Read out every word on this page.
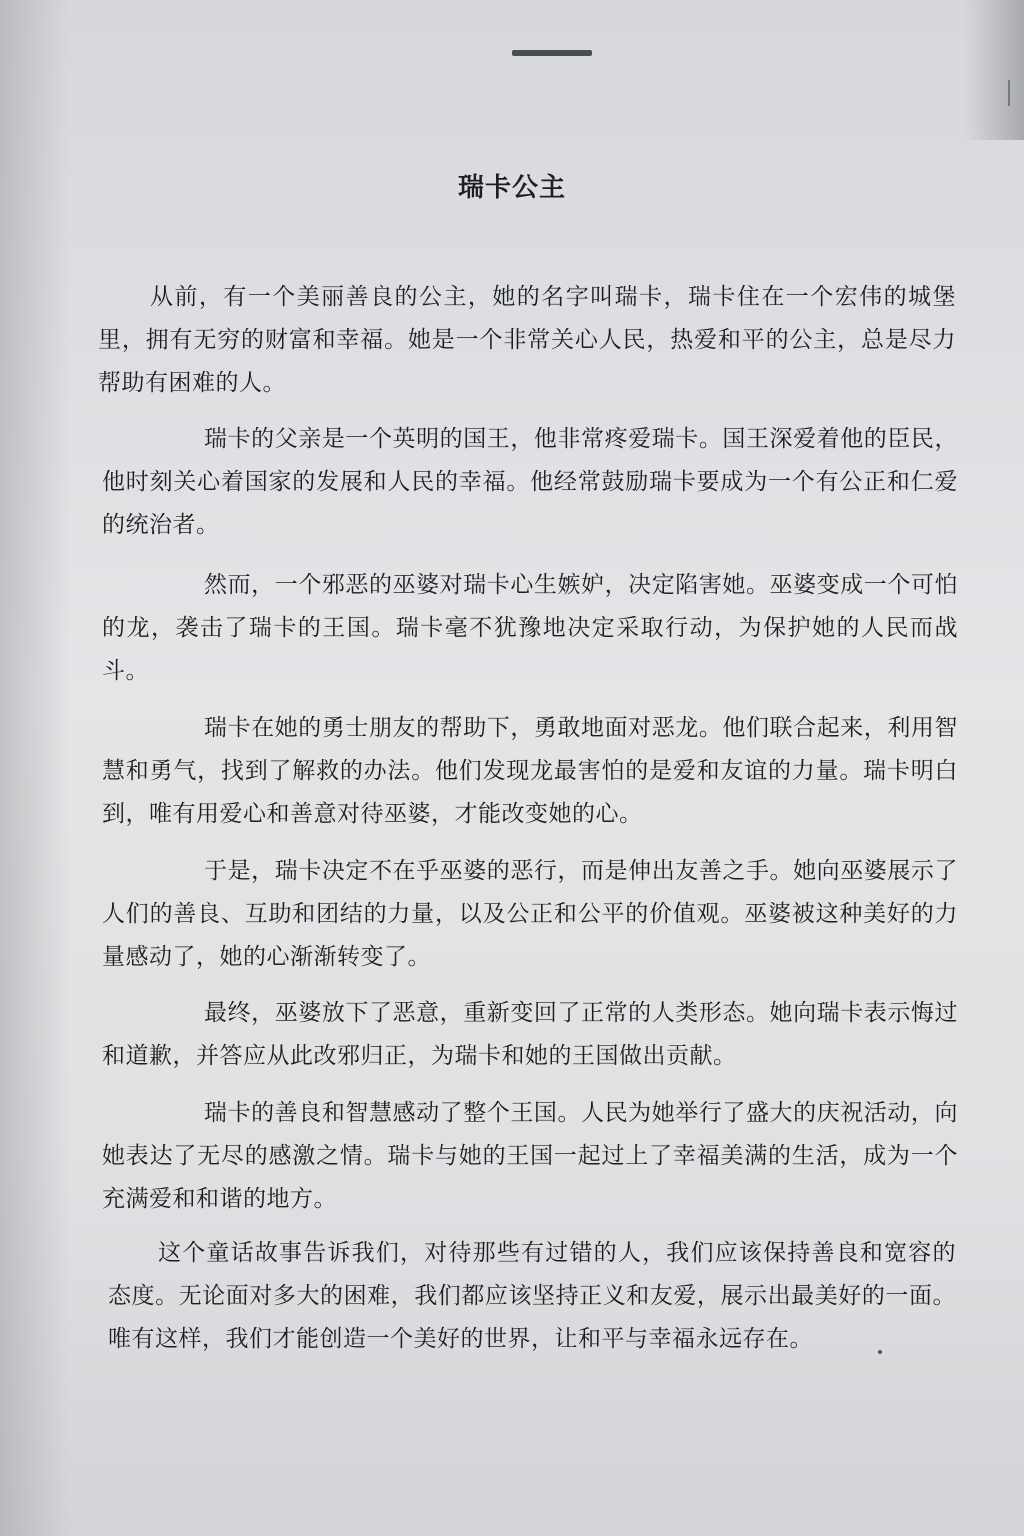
瑞卡公主

从前，有一个美丽善良的公主，她的名字叫瑞卡，瑞卡住在一个宏伟的城堡里，拥有无穷的财富和幸福。她是一个非常关心人民，热爱和平的公主，总是尽力帮助有困难的人。

瑞卡的父亲是一个英明的国王，他非常疼爱瑞卡。国王深爱着他的臣民，他时刻关心着国家的发展和人民的幸福。他经常鼓励瑞卡要成为一个有公正和仁爱的统治者。

然而，一个邪恶的巫婆对瑞卡心生嫉妒，决定陷害她。巫婆变成一个可怕的龙，袭击了瑞卡的王国。瑞卡毫不犹豫地决定采取行动，为保护她的人民而战斗。

瑞卡在她的勇士朋友的帮助下，勇敢地面对恶龙。他们联合起来，利用智慧和勇气，找到了解救的办法。他们发现龙最害怕的是爱和友谊的力量。瑞卡明白到，唯有用爱心和善意对待巫婆，才能改变她的心。

于是，瑞卡决定不在乎巫婆的恶行，而是伸出友善之手。她向巫婆展示了人们的善良、互助和团结的力量，以及公正和公平的价值观。巫婆被这种美好的力量感动了，她的心渐渐转变了。

最终，巫婆放下了恶意，重新变回了正常的人类形态。她向瑞卡表示悔过和道歉，并答应从此改邪归正，为瑞卡和她的王国做出贡献。

瑞卡的善良和智慧感动了整个王国。人民为她举行了盛大的庆祝活动，向她表达了无尽的感激之情。瑞卡与她的王国一起过上了幸福美满的生活，成为一个充满爱和和谐的地方。

这个童话故事告诉我们，对待那些有过错的人，我们应该保持善良和宽容的态度。无论面对多大的困难，我们都应该坚持正义和友爱，展示出最美好的一面。唯有这样，我们才能创造一个美好的世界，让和平与幸福永远存在。
